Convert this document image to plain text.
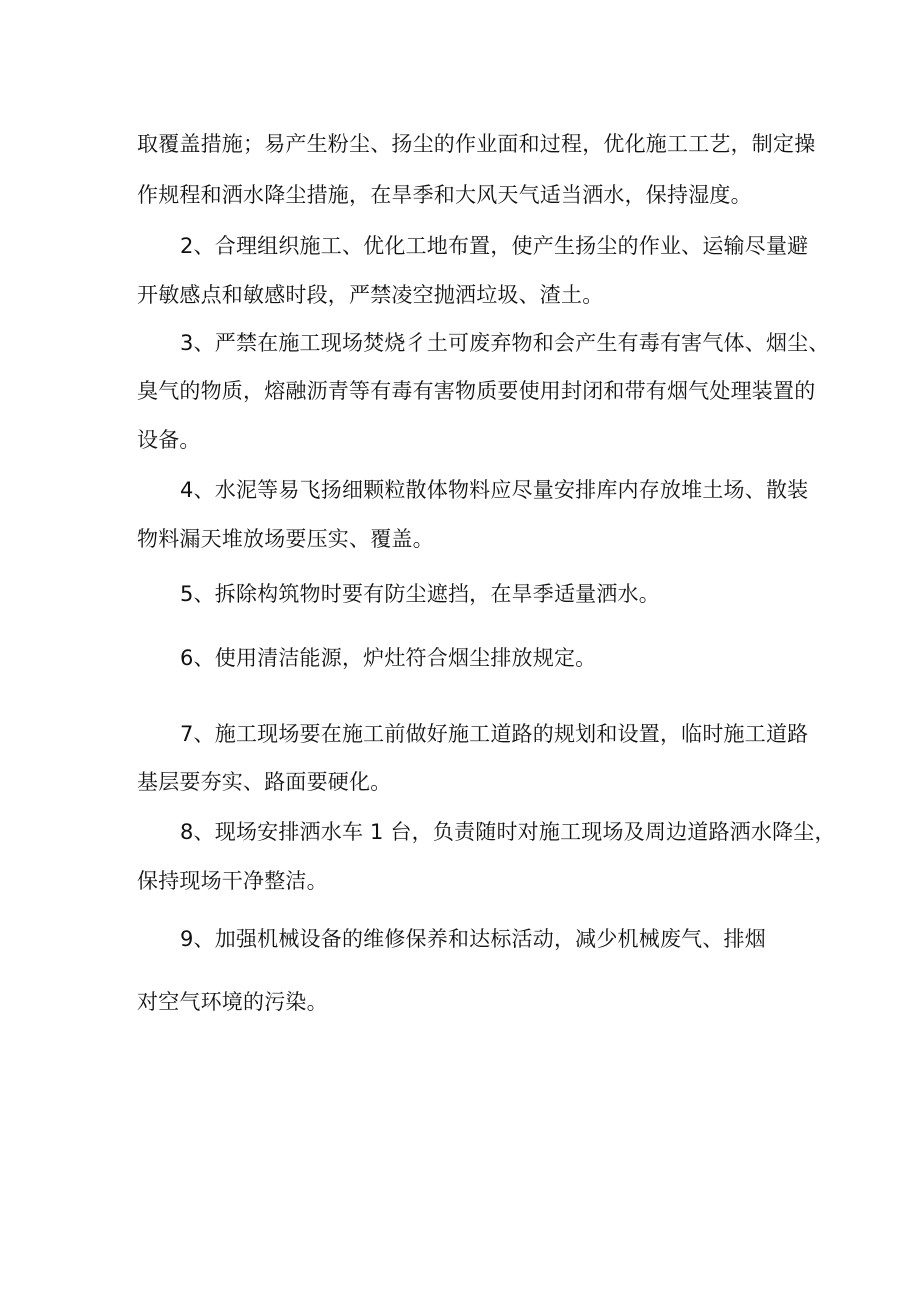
取覆盖措施；易产生粉尘、扬尘的作业面和过程，优化施工工艺，制定操
作规程和洒水降尘措施，在旱季和大风天气适当洒水，保持湿度。
2、合理组织施工、优化工地布置，使产生扬尘的作业、运输尽量避
开敏感点和敏感时段，严禁凌空抛洒垃圾、渣土。
3、严禁在施工现场焚烧彳土可废弃物和会产生有毒有害气体、烟尘、
臭气的物质，熔融沥青等有毒有害物质要使用封闭和带有烟气处理装置的
设备。
4、水泥等易飞扬细颗粒散体物料应尽量安排库内存放堆土场、散装
物料漏天堆放场要压实、覆盖。
5、拆除构筑物时要有防尘遮挡，在旱季适量洒水。
6、使用清洁能源，炉灶符合烟尘排放规定。
7、施工现场要在施工前做好施工道路的规划和设置，临时施工道路
基层要夯实、路面要硬化。
8、现场安排洒水车 1 台，负责随时对施工现场及周边道路洒水降尘，
保持现场干净整洁。
9、加强机械设备的维修保养和达标活动，减少机械废气、排烟
对空气环境的污染。
